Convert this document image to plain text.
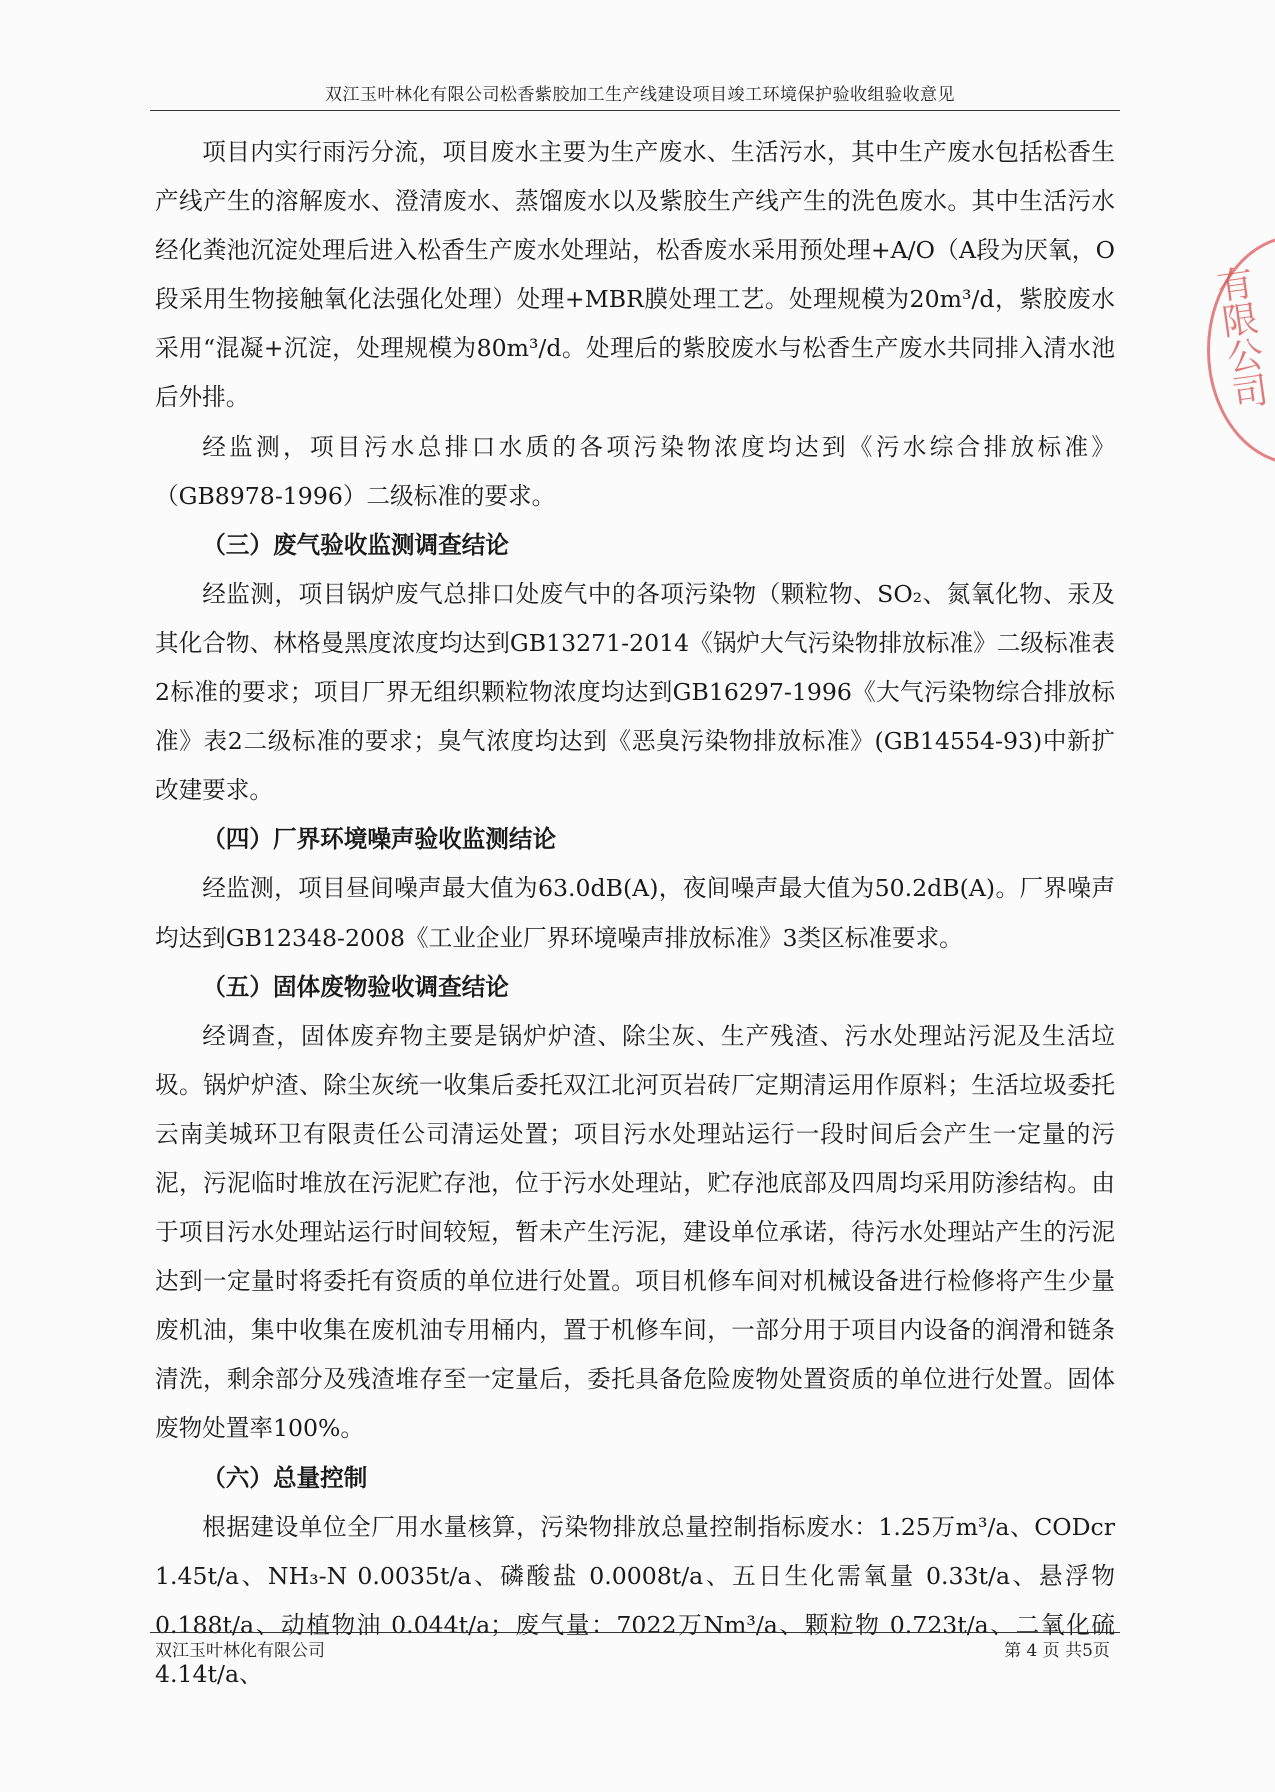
双江玉叶林化有限公司松香紫胶加工生产线建设项目竣工环境保护验收组验收意见

项目内实行雨污分流，项目废水主要为生产废水、生活污水，其中生产废水包括松香生产线产生的溶解废水、澄清废水、蒸馏废水以及紫胶生产线产生的洗色废水。其中生活污水经化粪池沉淀处理后进入松香生产废水处理站，松香废水采用预处理+A/O（A段为厌氧，O段采用生物接触氧化法强化处理）处理+MBR膜处理工艺。处理规模为20m³/d，紫胶废水采用“混凝+沉淀，处理规模为80m³/d。处理后的紫胶废水与松香生产废水共同排入清水池后外排。

经监测，项目污水总排口水质的各项污染物浓度均达到《污水综合排放标准》（GB8978-1996）二级标准的要求。

（三）废气验收监测调查结论

经监测，项目锅炉废气总排口处废气中的各项污染物（颗粒物、SO₂、氮氧化物、汞及其化合物、林格曼黑度浓度均达到GB13271-2014《锅炉大气污染物排放标准》二级标准表2标准的要求；项目厂界无组织颗粒物浓度均达到GB16297-1996《大气污染物综合排放标准》表2二级标准的要求；臭气浓度均达到《恶臭污染物排放标准》(GB14554-93)中新扩改建要求。

（四）厂界环境噪声验收监测结论

经监测，项目昼间噪声最大值为63.0dB(A)，夜间噪声最大值为50.2dB(A)。厂界噪声均达到GB12348-2008《工业企业厂界环境噪声排放标准》3类区标准要求。

（五）固体废物验收调查结论

经调查，固体废弃物主要是锅炉炉渣、除尘灰、生产残渣、污水处理站污泥及生活垃圾。锅炉炉渣、除尘灰统一收集后委托双江北河页岩砖厂定期清运用作原料；生活垃圾委托云南美城环卫有限责任公司清运处置；项目污水处理站运行一段时间后会产生一定量的污泥，污泥临时堆放在污泥贮存池，位于污水处理站，贮存池底部及四周均采用防渗结构。由于项目污水处理站运行时间较短，暂未产生污泥，建设单位承诺，待污水处理站产生的污泥达到一定量时将委托有资质的单位进行处置。项目机修车间对机械设备进行检修将产生少量废机油，集中收集在废机油专用桶内，置于机修车间，一部分用于项目内设备的润滑和链条清洗，剩余部分及残渣堆存至一定量后，委托具备危险废物处置资质的单位进行处置。固体废物处置率100%。

（六）总量控制

根据建设单位全厂用水量核算，污染物排放总量控制指标废水：1.25万m³/a、CODcr 1.45t/a、NH₃-N 0.0035t/a、磷酸盐 0.0008t/a、五日生化需氧量 0.33t/a、悬浮物 0.188t/a、动植物油 0.044t/a；废气量：7022万Nm³/a、颗粒物 0.723t/a、二氧化硫 4.14t/a、

双江玉叶林化有限公司	第 4 页 共5页
有限公司
